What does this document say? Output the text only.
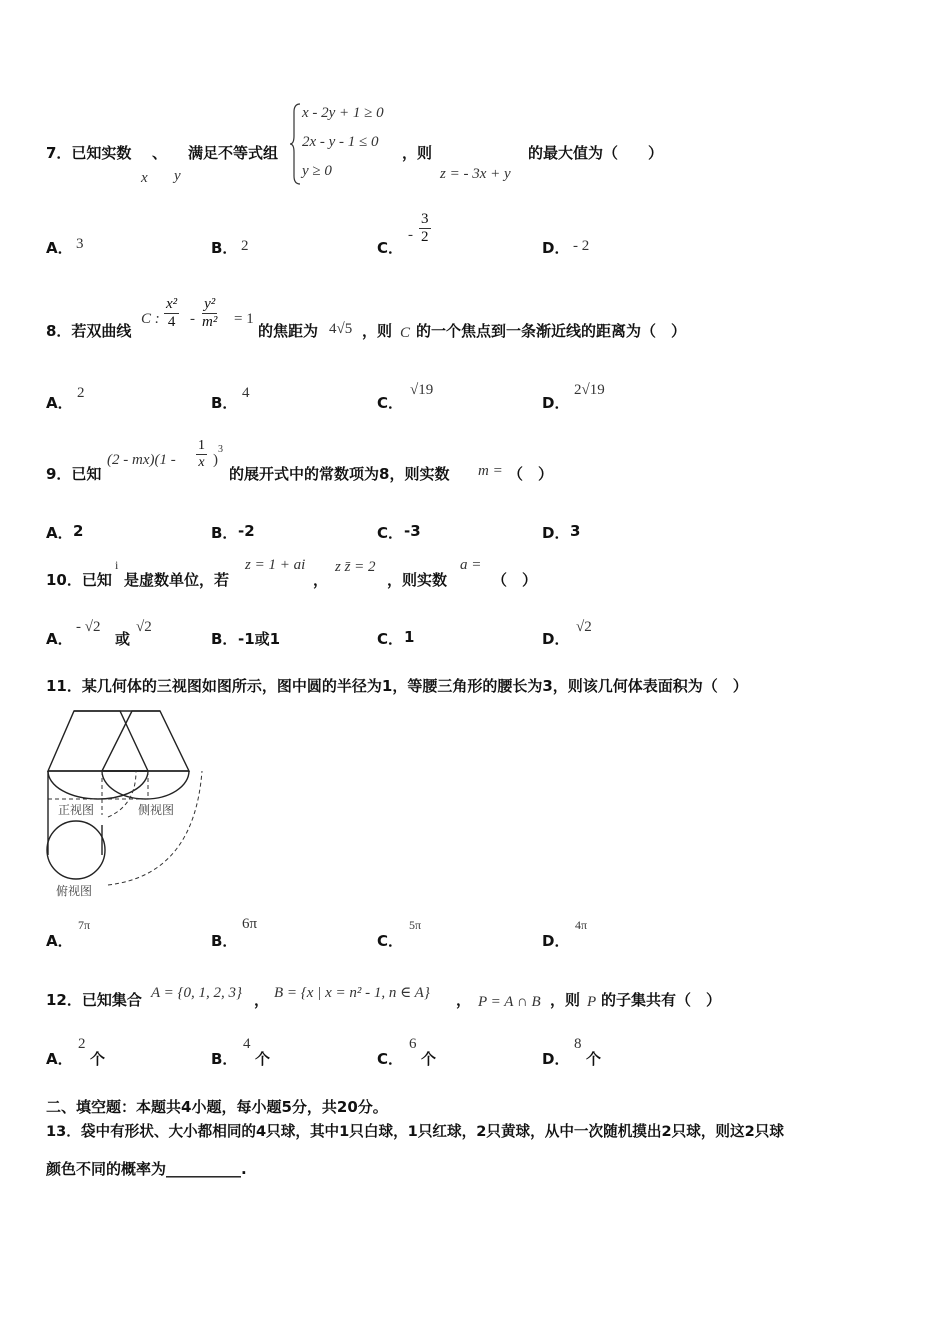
7．已知实数 、
x y
满足不等式组
x - 2y + 1 ≥ 0
2x - y - 1 ≤ 0
y ≥ 0
，则
z = - 3x + y
的最大值为（　　）
A． 3	B． 2	C．
- $\frac{3}{2}$
D． - 2
8．若双曲线
C : $\frac{\text{x²}}{4} - \frac{\text{y²}}{\text{m²}} = 1$
的焦距为 4√5 ，则 C 的一个焦点到一条渐近线的距离为（　）
A．
2
B．
4
C．
√19
D．
2√19
9．已知
$(2 - mx)(1 - \frac{1}{x}$ )
3
的展开式中的常数项为8，则实数 m = （　）
A． 2	B． -2	C． -3	D． 3
10．已知
i
是虚数单位，若
z = 1 + ai
，
z z̄ = 2
，则实数
a =
（　）
A．
- √2
或
√2
B． -1或1	C． 1	D．
√2
11．某几何体的三视图如图所示，图中圆的半径为1，等腰三角形的腰长为3，则该几何体表面积为（　）
正视图	侧视图
俯视图
A．
7π
B．
6π
C．
5π
D．
4π
12．已知集合 A = {0, 1, 2, 3} ， B = {x | x = n² - 1, n ∈ A} ， P = A ∩ B ，则 P 的子集共有（　）
A．
2
个	B．
4
个	C．
6
个	D．
8
个
二、填空题：本题共4小题，每小题5分，共20分。
13．袋中有形状、大小都相同的4只球，其中1只白球，1只红球，2只黄球，从中一次随机摸出2只球，则这2只球
颜色不同的概率为__________.
